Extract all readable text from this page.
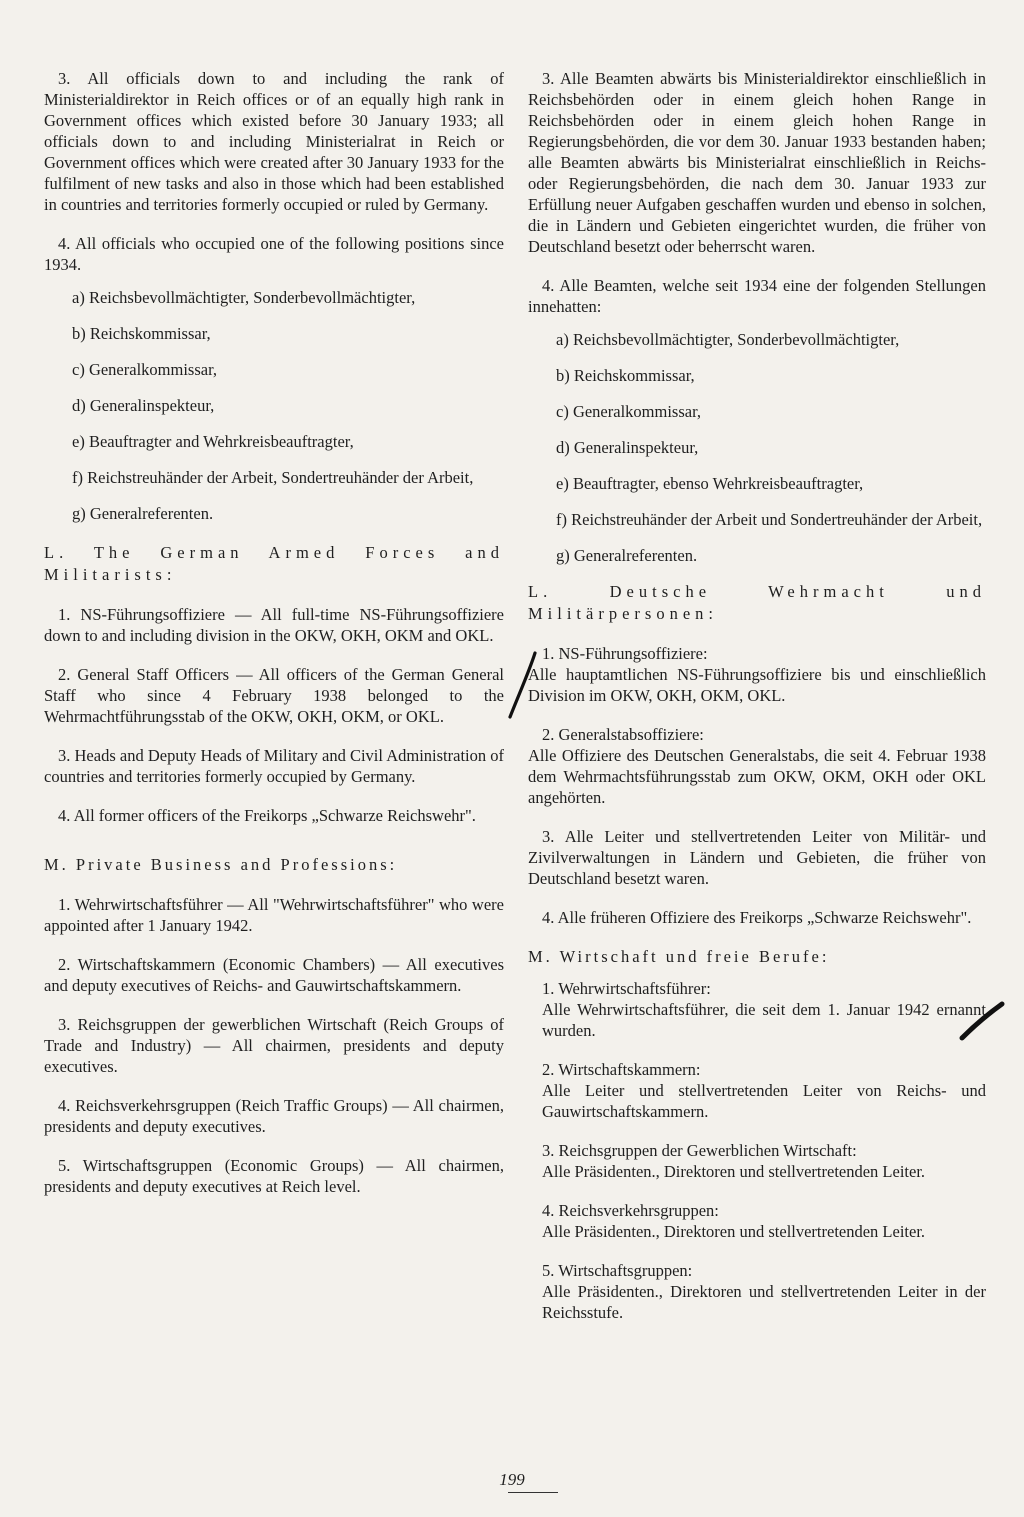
3. All officials down to and including the rank of Ministerialdirektor in Reich offices or of an equally high rank in Government offices which existed before 30 January 1933; all officials down to and including Ministerialrat in Reich or Government offices which were created after 30 January 1933 for the fulfilment of new tasks and also in those which had been established in countries and territories formerly occupied or ruled by Germany.

4. All officials who occupied one of the following positions since 1934.

a) Reichsbevollmächtigter, Sonderbevollmächtigter,
b) Reichskommissar,
c) Generalkommissar,
d) Generalinspekteur,
e) Beauftragter and Wehrkreisbeauftragter,
f) Reichstreuhänder der Arbeit, Sondertreuhänder der Arbeit,
g) Generalreferenten.

L. The German Armed Forces and Militarists:

1. NS-Führungsoffiziere — All full-time NS-Führungsoffiziere down to and including division in the OKW, OKH, OKM and OKL.

2. General Staff Officers — All officers of the German General Staff who since 4 February 1938 belonged to the Wehrmachtführungsstab of the OKW, OKH, OKM, or OKL.

3. Heads and Deputy Heads of Military and Civil Administration of countries and territories formerly occupied by Germany.

4. All former officers of the Freikorps „Schwarze Reichswehr".

M. Private Business and Professions:

1. Wehrwirtschaftsführer — All "Wehrwirtschaftsführer" who were appointed after 1 January 1942.

2. Wirtschaftskammern (Economic Chambers) — All executives and deputy executives of Reichs- and Gauwirtschaftskammern.

3. Reichsgruppen der gewerblichen Wirtschaft (Reich Groups of Trade and Industry) — All chairmen, presidents and deputy executives.

4. Reichsverkehrsgruppen (Reich Traffic Groups) — All chairmen, presidents and deputy executives.

5. Wirtschaftsgruppen (Economic Groups) — All chairmen, presidents and deputy executives at Reich level.

3. Alle Beamten abwärts bis Ministerialdirektor einschließlich in Reichsbehörden oder in einem gleich hohen Range in Reichsbehörden oder in einem gleich hohen Range in Regierungsbehörden, die vor dem 30. Januar 1933 bestanden haben; alle Beamten abwärts bis Ministerialrat einschließlich in Reichs- oder Regierungsbehörden, die nach dem 30. Januar 1933 zur Erfüllung neuer Aufgaben geschaffen wurden und ebenso in solchen, die in Ländern und Gebieten eingerichtet wurden, die früher von Deutschland besetzt oder beherrscht waren.

4. Alle Beamten, welche seit 1934 eine der folgenden Stellungen innehatten:

a) Reichsbevollmächtigter, Sonderbevollmächtigter,
b) Reichskommissar,
c) Generalkommissar,
d) Generalinspekteur,
e) Beauftragter, ebenso Wehrkreisbeauftragter,
f) Reichstreuhänder der Arbeit und Sondertreuhänder der Arbeit,
g) Generalreferenten.

L. Deutsche Wehrmacht und Militärpersonen:

1. NS-Führungsoffiziere:

Alle hauptamtlichen NS-Führungsoffiziere bis und einschließlich Division im OKW, OKH, OKM, OKL.

2. Generalstabsoffiziere:

Alle Offiziere des Deutschen Generalstabs, die seit 4. Februar 1938 dem Wehrmachtsführungsstab zum OKW, OKM, OKH oder OKL angehörten.

3. Alle Leiter und stellvertretenden Leiter von Militär- und Zivilverwaltungen in Ländern und Gebieten, die früher von Deutschland besetzt waren.

4. Alle früheren Offiziere des Freikorps „Schwarze Reichswehr".

M. Wirtschaft und freie Berufe:

1. Wehrwirtschaftsführer:

Alle Wehrwirtschaftsführer, die seit dem 1. Januar 1942 ernannt wurden.

2. Wirtschaftskammern:

Alle Leiter und stellvertretenden Leiter von Reichs- und Gauwirtschaftskammern.

3. Reichsgruppen der Gewerblichen Wirtschaft:

Alle Präsidenten., Direktoren und stellvertretenden Leiter.

4. Reichsverkehrsgruppen:

Alle Präsidenten., Direktoren und stellvertretenden Leiter.

5. Wirtschaftsgruppen:

Alle Präsidenten., Direktoren und stellvertretenden Leiter in der Reichsstufe.

199
